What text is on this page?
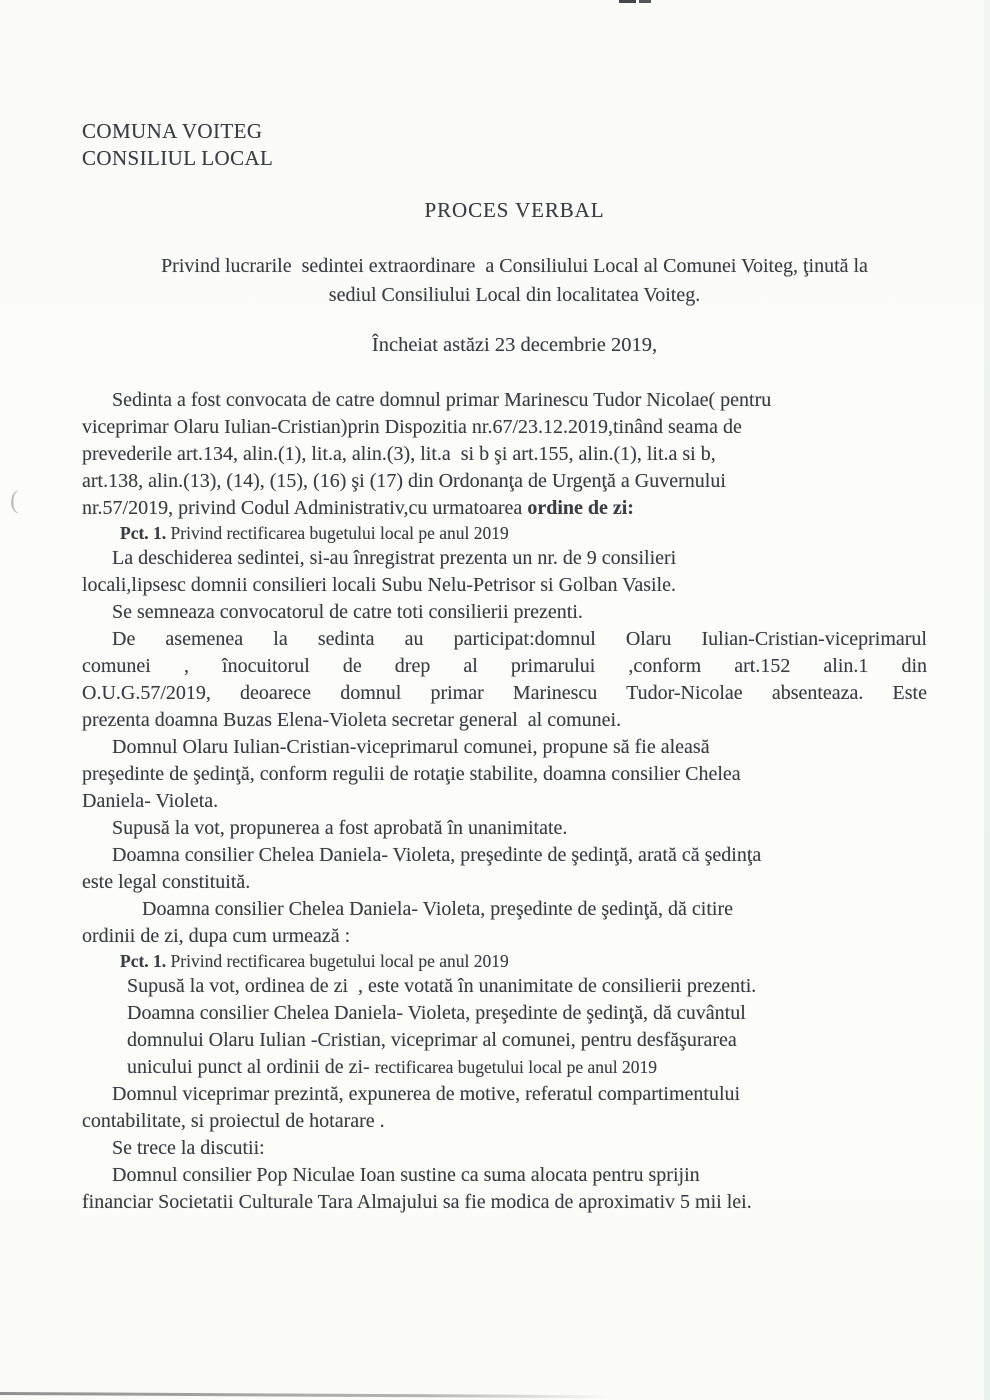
COMUNA VOITEG
CONSILIUL LOCAL
PROCES VERBAL
Privind lucrarile  sedintei extraordinare  a Consiliului Local al Comunei Voiteg, ţinută la
sediul Consiliului Local din localitatea Voiteg.
Încheiat astăzi 23 decembrie 2019,
Sedinta a fost convocata de catre domnul primar Marinescu Tudor Nicolae( pentru
viceprimar Olaru Iulian-Cristian)prin Dispozitia nr.67/23.12.2019,tinând seama de
prevederile art.134, alin.(1), lit.a, alin.(3), lit.a  si b şi art.155, alin.(1), lit.a si b,
art.138, alin.(13), (14), (15), (16) şi (17) din Ordonanţa de Urgenţă a Guvernului
nr.57/2019, privind Codul Administrativ,cu urmatoarea ordine de zi:
Pct. 1. Privind rectificarea bugetului local pe anul 2019
La deschiderea sedintei, si-au înregistrat prezenta un nr. de 9 consilieri
locali,lipsesc domnii consilieri locali Subu Nelu-Petrisor si Golban Vasile.
Se semneaza convocatorul de catre toti consilierii prezenti.
De asemenea la sedinta au participat:domnul Olaru Iulian-Cristian-viceprimarul
comunei , înocuitorul de drep al primarului ,conform art.152 alin.1 din
O.U.G.57/2019, deoarece domnul primar Marinescu Tudor-Nicolae absenteaza. Este
prezenta doamna Buzas Elena-Violeta secretar general  al comunei.
Domnul Olaru Iulian-Cristian-viceprimarul comunei, propune să fie aleasă
preşedinte de şedinţă, conform regulii de rotaţie stabilite, doamna consilier Chelea
Daniela- Violeta.
Supusă la vot, propunerea a fost aprobată în unanimitate.
Doamna consilier Chelea Daniela- Violeta, preşedinte de şedinţă, arată că şedinţa
este legal constituită.
Doamna consilier Chelea Daniela- Violeta, preşedinte de şedinţă, dă citire
ordinii de zi, dupa cum urmează :
Pct. 1. Privind rectificarea bugetului local pe anul 2019
Supusă la vot, ordinea de zi  , este votată în unanimitate de consilierii prezenti.
Doamna consilier Chelea Daniela- Violeta, preşedinte de şedinţă, dă cuvântul
domnului Olaru Iulian -Cristian, viceprimar al comunei, pentru desfăşurarea
unicului punct al ordinii de zi- rectificarea bugetului local pe anul 2019
Domnul viceprimar prezintă, expunerea de motive, referatul compartimentului
contabilitate, si proiectul de hotarare .
Se trece la discutii:
Domnul consilier Pop Niculae Ioan sustine ca suma alocata pentru sprijin
financiar Societatii Culturale Tara Almajului sa fie modica de aproximativ 5 mii lei.
(
